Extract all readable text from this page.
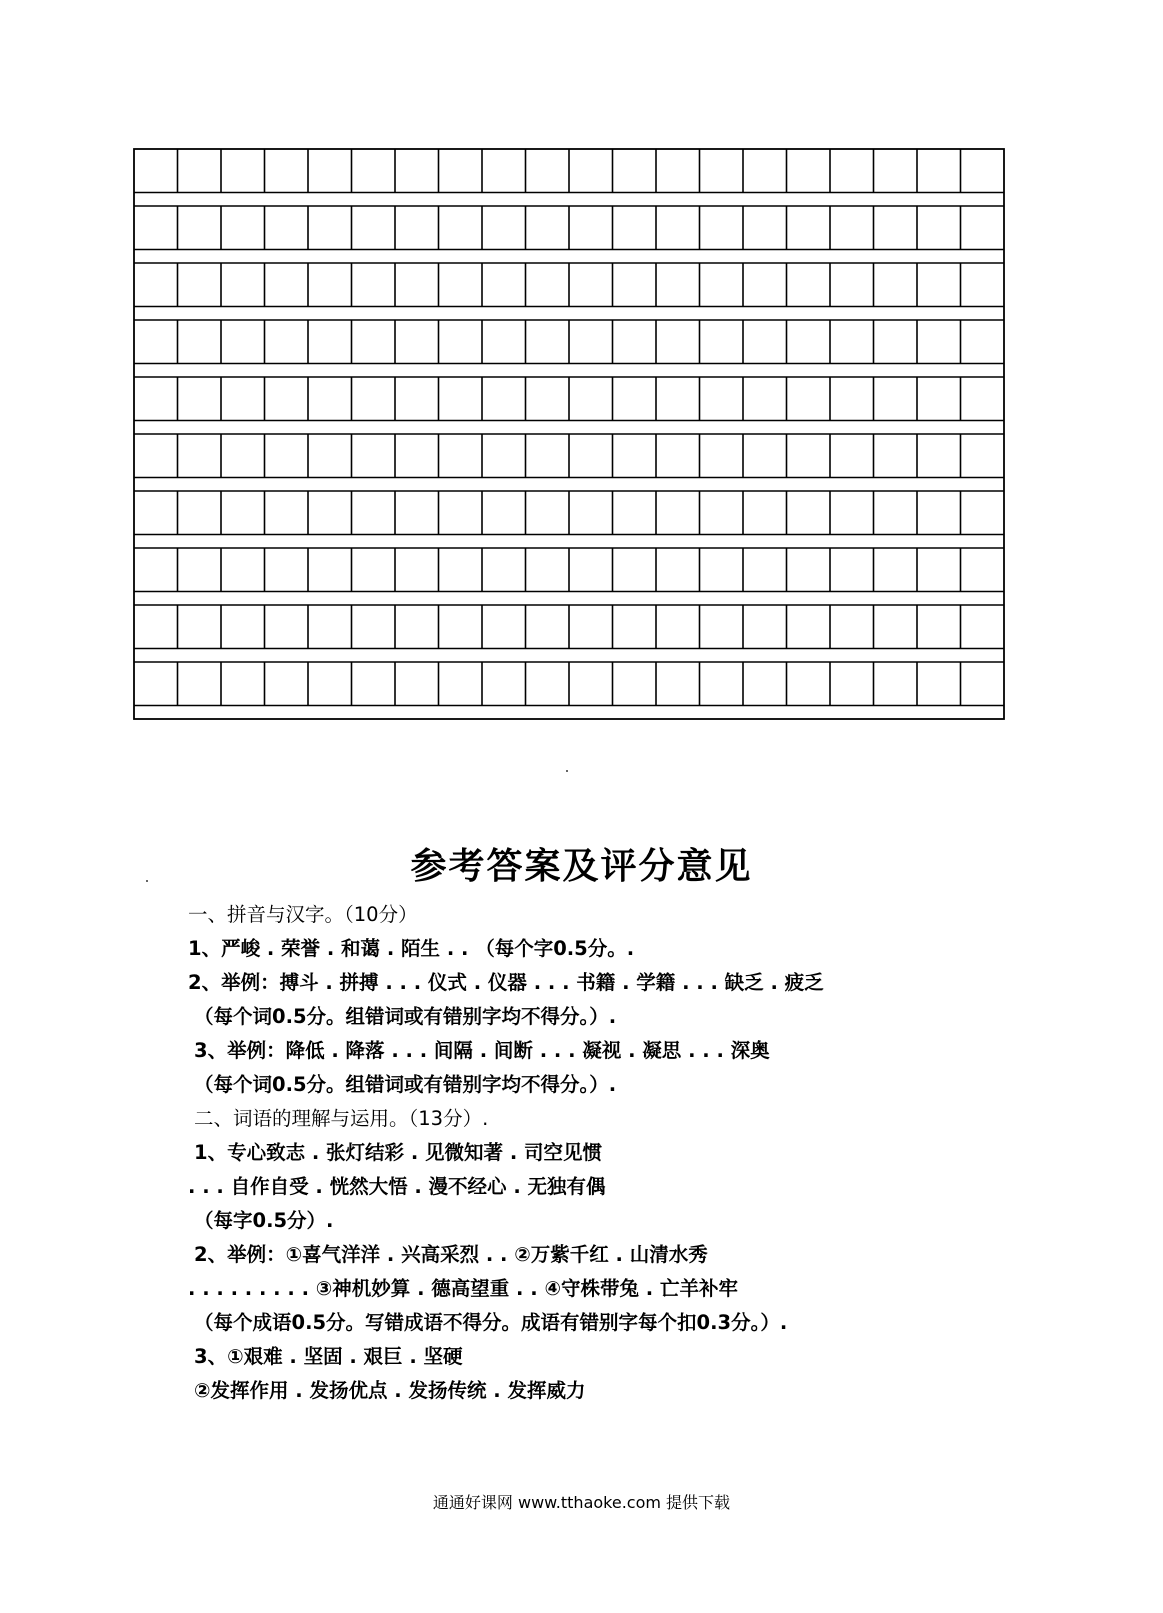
参考答案及评分意见
一、拼音与汉字。（10分）
1、严峻 . 荣誉 . 和蔼 . 陌生 . . （每个字0.5分。.
2、举例：搏斗 . 拼搏 . . . 仪式 . 仪器 . . . 书籍 . 学籍 . . . 缺乏 . 疲乏
（每个词0.5分。组错词或有错别字均不得分。）.
3、举例：降低 . 降落 . . . 间隔 . 间断 . . . 凝视 . 凝思 . . . 深奥
（每个词0.5分。组错词或有错别字均不得分。）.
二、词语的理解与运用。（13分）.
1、专心致志 . 张灯结彩 . 见微知著 . 司空见惯
. . . 自作自受 . 恍然大悟 . 漫不经心 . 无独有偶
（每字0.5分）.
2、举例：①喜气洋洋 . 兴高采烈 . . ②万紫千红 . 山清水秀
. . . . . . . . . ③神机妙算 . 德高望重 . . ④守株带兔 . 亡羊补牢
（每个成语0.5分。写错成语不得分。成语有错别字每个扣0.3分。）.
3、①艰难 . 坚固 . 艰巨 . 坚硬
②发挥作用 . 发扬优点 . 发扬传统 . 发挥威力
通通好课网 www.tthaoke.com 提供下载
